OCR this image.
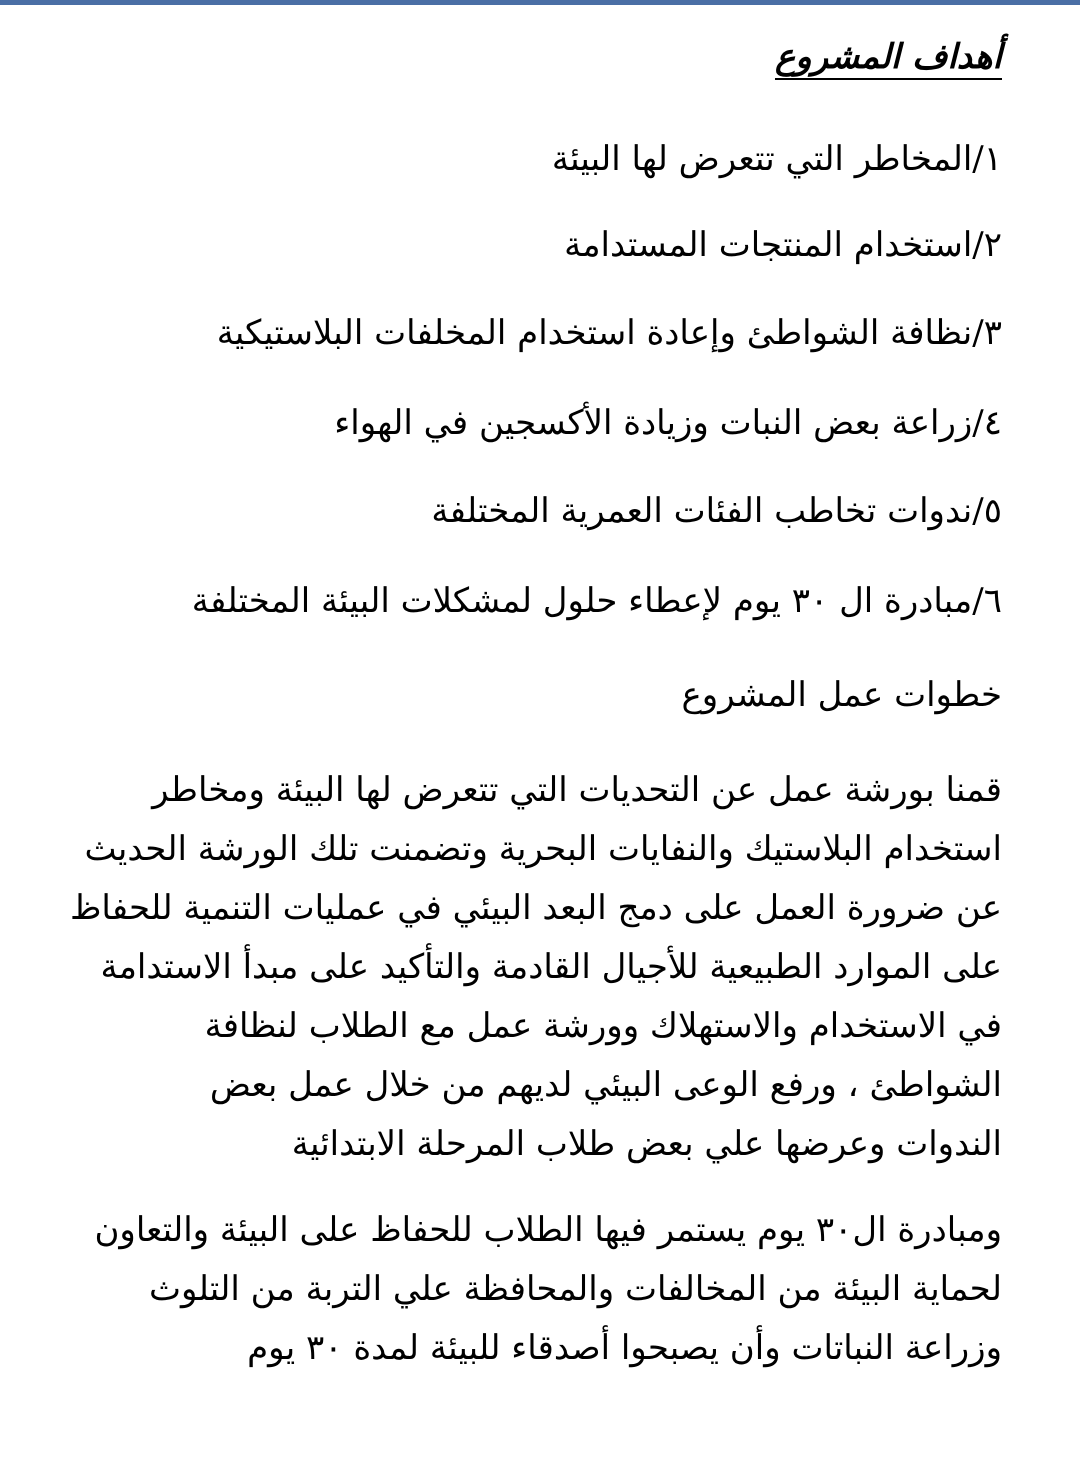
أهداف المشروع

١/المخاطر التي تتعرض لها البيئة

٢/استخدام المنتجات المستدامة

٣/نظافة الشواطئ وإعادة استخدام المخلفات البلاستيكية

٤/زراعة بعض النبات وزيادة الأكسجين في الهواء

٥/ندوات تخاطب الفئات العمرية المختلفة

٦/مبادرة ال ٣٠ يوم لإعطاء حلول لمشكلات البيئة المختلفة

خطوات عمل المشروع

قمنا بورشة عمل عن التحديات التي تتعرض لها البيئة ومخاطر
استخدام البلاستيك والنفايات البحرية وتضمنت تلك الورشة الحديث
عن ضرورة العمل على دمج البعد البيئي في عمليات التنمية للحفاظ
على الموارد الطبيعية للأجيال القادمة والتأكيد على مبدأ الاستدامة
في الاستخدام والاستهلاك وورشة عمل مع الطلاب لنظافة
الشواطئ ، ورفع الوعى البيئي لديهم من خلال عمل بعض
الندوات وعرضها علي بعض طلاب المرحلة الابتدائية

ومبادرة ال٣٠ يوم يستمر فيها الطلاب للحفاظ على البيئة والتعاون
لحماية البيئة من المخالفات والمحافظة علي التربة من التلوث
وزراعة النباتات وأن يصبحوا أصدقاء للبيئة لمدة ٣٠ يوم
